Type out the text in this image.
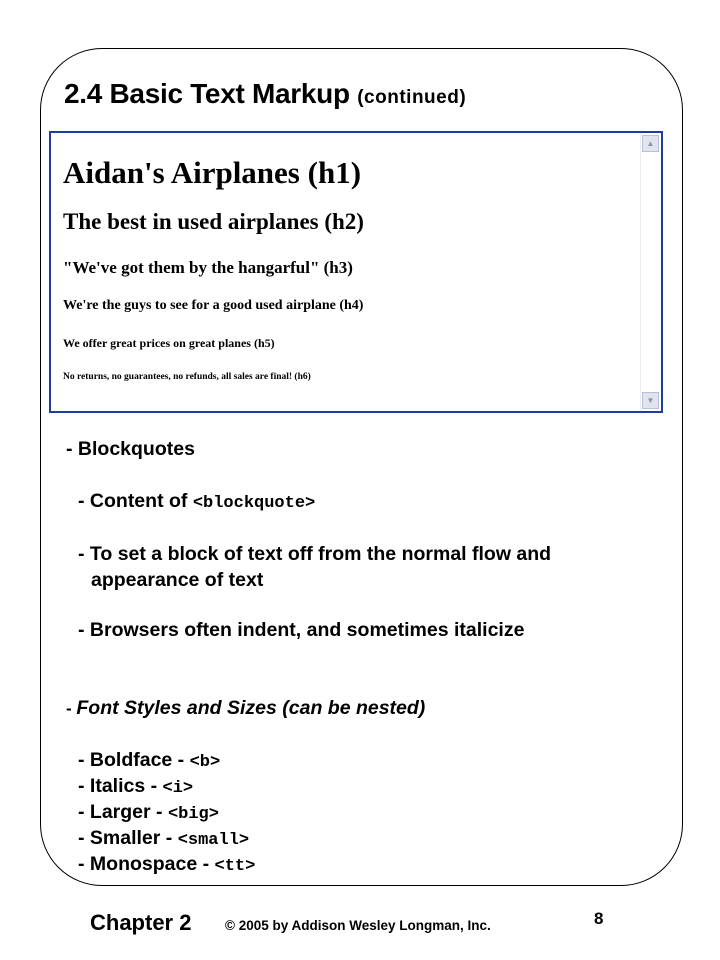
2.4 Basic Text Markup (continued)
Aidan's Airplanes (h1)
The best in used airplanes (h2)
"We've got them by the hangarful" (h3)
We're the guys to see for a good used airplane (h4)
We offer great prices on great planes (h5)
No returns, no guarantees, no refunds, all sales are final! (h6)
▲
▼
- Blockquotes
- Content of <blockquote>
- To set a block of text off from the normal flow and
appearance of text
- Browsers often indent, and sometimes italicize
- Font Styles and Sizes (can be nested)
- Boldface - <b>
- Italics - <i>
- Larger - <big>
- Smaller - <small>
- Monospace - <tt>
Chapter 2 © 2005 by Addison Wesley Longman, Inc.	8
